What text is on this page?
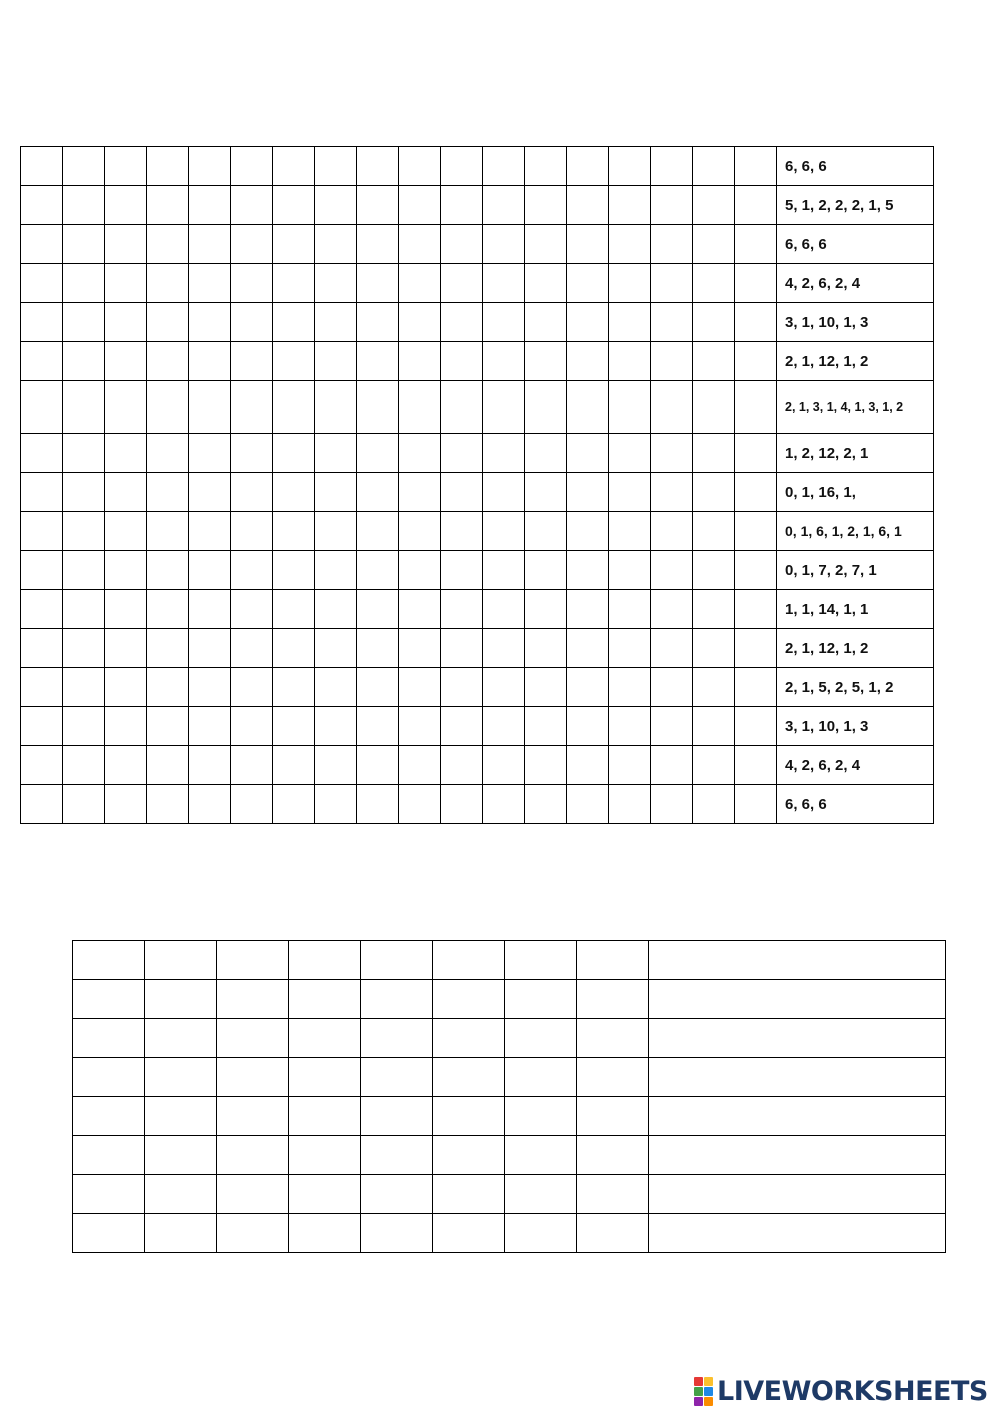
																		6, 6, 6
																		5, 1, 2, 2, 2, 1, 5
																		6, 6, 6
																		4, 2, 6, 2, 4
																		3, 1, 10, 1, 3
																		2, 1, 12, 1, 2
																		2, 1, 3, 1, 4, 1, 3, 1, 2
																		1, 2, 12, 2, 1
																		0, 1, 16, 1,
																		0, 1, 6, 1, 2, 1, 6, 1
																		0, 1, 7, 2, 7, 1
																		1, 1, 14, 1, 1
																		2, 1, 12, 1, 2
																		2, 1, 5, 2, 5, 1, 2
																		3, 1, 10, 1, 3
																		4, 2, 6, 2, 4
																		6, 6, 6

LIVEWORKSHEETS
